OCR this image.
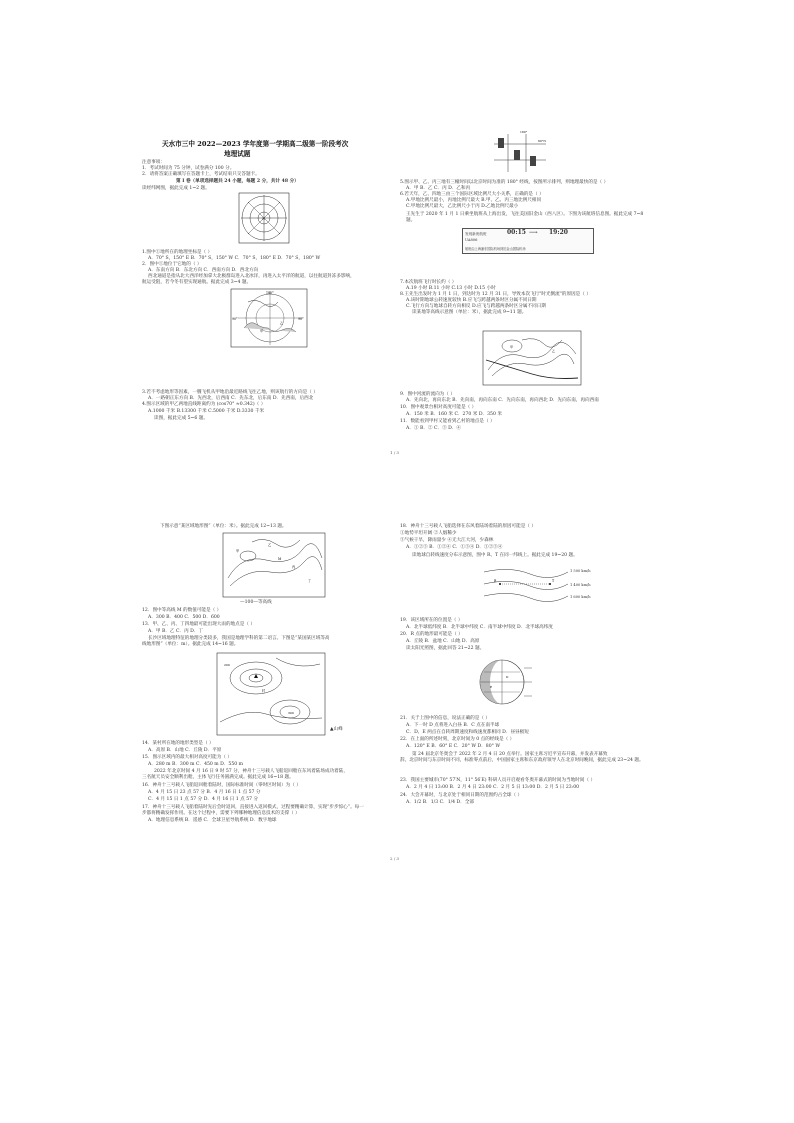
天水市三中 2022—2023 学年度第一学期高二级第一阶段考次
地理试题
注意事项：
1．考试时间为 75 分钟，试卷满分 100 分。
2．请将答案正确填写在答题卡上，考试结束只交答题卡。
第 I 卷（单项选择题共 24 小题，每题 2 分，共计 48 分）
读经纬网图，据此完成 1~2 题。
N
1.图中①地所在的地理坐标是（ ）
A．70° S，150° E B．70° S，150° W C．70° S，180° E D．70° S，180° W
2．图中①地位于它地的（ ）
A．东南方向 B．东北方向 C．西南方向 D．西北方向
西北通道是指从北大西洋经加拿大北极群岛进入北冰洋，再进入太平洋的航道，以往航道封冻多影响，
航运受阻，若今冬有望实现通航。据此完成 3~4 题。
180°
90°	90°
甲
乙
3.若不考虑地形等因素，一艘飞机从甲地沿最近路线飞往乙地，则该航行的方向是（ ）
A．一路朝正东方向 B．先西北，后西南 C．先东北，后东南 D．先西南，后西北
4.图示区域的甲乙两地直线距离约为 (cos70° ≈0.342)（ ）
A.1000 千米 B.13300 千米 C.5000 千米 D.3330 千米
读图，据此完成 5~6 题。
180°
60°N
5.图示甲、乙、丙三地有三幢时间以北京时间为准的 180° 经线，按图所示排列，则地理最快的是（ ）
A．甲 B．乙 C．丙 D．乙和丙
6.若天年，乙、四地三由三个国际区域比例尺大小关系，正确的是（ ）
A.甲地比例尺最小，丙地比例尺最大 B.甲、乙、丙三地比例尺相同
C.甲地比例尺最大，乙比例尺小于丙 D.乙地比例尺最小
王先生于 2020 年 1 月 1 日乘坐航班从上海出发，飞往美国旧金山（西八区）。下图为该航班信息图。据此完成 7~8 题。
发现新贵航班
UA806
00:15 ⟶ 19:20
航班由上海浦东国际机场到旧金山国际机场
7.本次航班飞行时长约（ ）
A.19 小时 B.11 小时 C.13 小时 D.15 小时
8.王先生出发时为 1 月 1 日，到达时为 12 月 31 日，导致本次飞行"时光倒流"的原因是（ ）
A.该时期地球公转速度较快 B.应飞与跨越两条时区分属不同日期
C.飞行方向与地球自转方向相反 D.应飞与跨越两条时区分属不同日期
读某地等高线示意图（单位：米），据此完成 9~11 题。
甲
乙
9．图中河流的流向为（ ）
A．先向北，再向东北 B．先向南，再向东南 C．先向东南，再向西北 D．先向东南，再向西南
10．图中观景台相对高度可能是（ ）
A．150 米 B．160 米 C．270 米 D．350 米
11．数能看到甲村又能看到乙村的地点是（ ）
A．① B．② C．③ D．④
1 / 3
下图示意“某区域地形图”（单位：米）。据此完成 12~13 题。
甲
乙
丙
丁
M
—100—等高线
12．图中等高线 M 的数值可能是（ ）
A．300 B．400 C．500 D．600
13．甲、乙、丙、丁四地最可能出现大雨的地点是（ ）
A．甲 B．乙 C．丙 D．丁
长沙区域地理特征的地理分类较多，我国是地理学科的第二语言。下图是“某国某区域等高
线地形图”（单位：m）。据此完成 14~16 题。
村
200
300
▲山峰
14．某村所在地的地形类型是（ ）
A．高原 B．山地 C．丘陵 D．平原
15．图示区域内的最大相对高度可能为（ ）
A．280 m B．300 m C．450 m D．550 m
2022 年北京时间 4 月 16 日 9 时 57 分，神舟十三号载人飞船返回舱在东风着陆场成功着陆，
三名航天员安全顺利出舱，主体飞行任务圆满完成。据此完成 16~18 题。
16．神舟十三号载人飞船返回舱着陆时，国际标准时间（零时区时间）为（ ）
A．4 月 15 日 23 点 57 分 B．4 月 16 日 1 点 57 分
C．4 月 15 日 1 点 57 分 D．4 月 16 日 1 点 57 分
17．神舟十三号载人飞船着陆时先后会时返回，直接进入返回模式，过程要精确计算，实现“步步惊心”。每一
步都将精确发挥作用。在这个过程中，需要下列哪种地理信息技术的支撑（ ）
A．地理信息系统 B．遥感 C．全球卫星导航系统 D．数字地球
18．神舟十三号载人飞船选择在东风着陆场着陆的原因可能是（ ）
①地势平坦开阔 ②人烟稀少
③气候干旱，降雨量少 ④无大江大河，少森林
A．①②③ B．①②④ C．①③④ D．①②③④
读地球自转线速度分布示意图，图中 R、T 在同一纬线上。据此完成 19~20 题。
R	T
1 500 km/h
1 400 km/h
1 600 km/h
19．该区域所在的位置是（ ）
A．北半球低纬度 B．北半球中纬度 C．南半球中纬度 D．北半球高纬度
20．R 点的地形最可能是（ ）
A．丘陵 B．盆地 C．山地 D．高原
读太阳光照图，据此回答 21~22 题。
D
E
21．关于上图中的信息，说法正确的是（ ）
A．下一时 D 点将进入白昼 B．C 点在南半球
C．D、E 两点在自转周期速度和线速度都相同 D．昼昼极短
22．在上面的所述时刻，北京时间为 0 点的经线是（ ）
A．120° E B．60° E C．20° W D．80° W
第 24 届北京冬奥会于 2022 年 2 月 4 日 20 点举行。国家主席习近平宣布开幕，并发表开幕致
辞。北京时间与东京时间不同，标准零点前后，中国国家主席和东京政府领导人在北京时间晚间，据此完成 23~24 题。
23．我国主要城市(70° 57′N，11° 56′E) 科研人员开启观看冬奥开幕式的时间为当地时间（ ）
A．2 月 4 日 13:00 B．2 月 4 日 23:00 C．2 月 5 日 13:00 D．2 月 5 日 23:00
24．大会开幕时，与北京处于相同日期的范围约占全球（ ）
A．1/2 B．1/3 C．1/4 D．全部
2 / 3
